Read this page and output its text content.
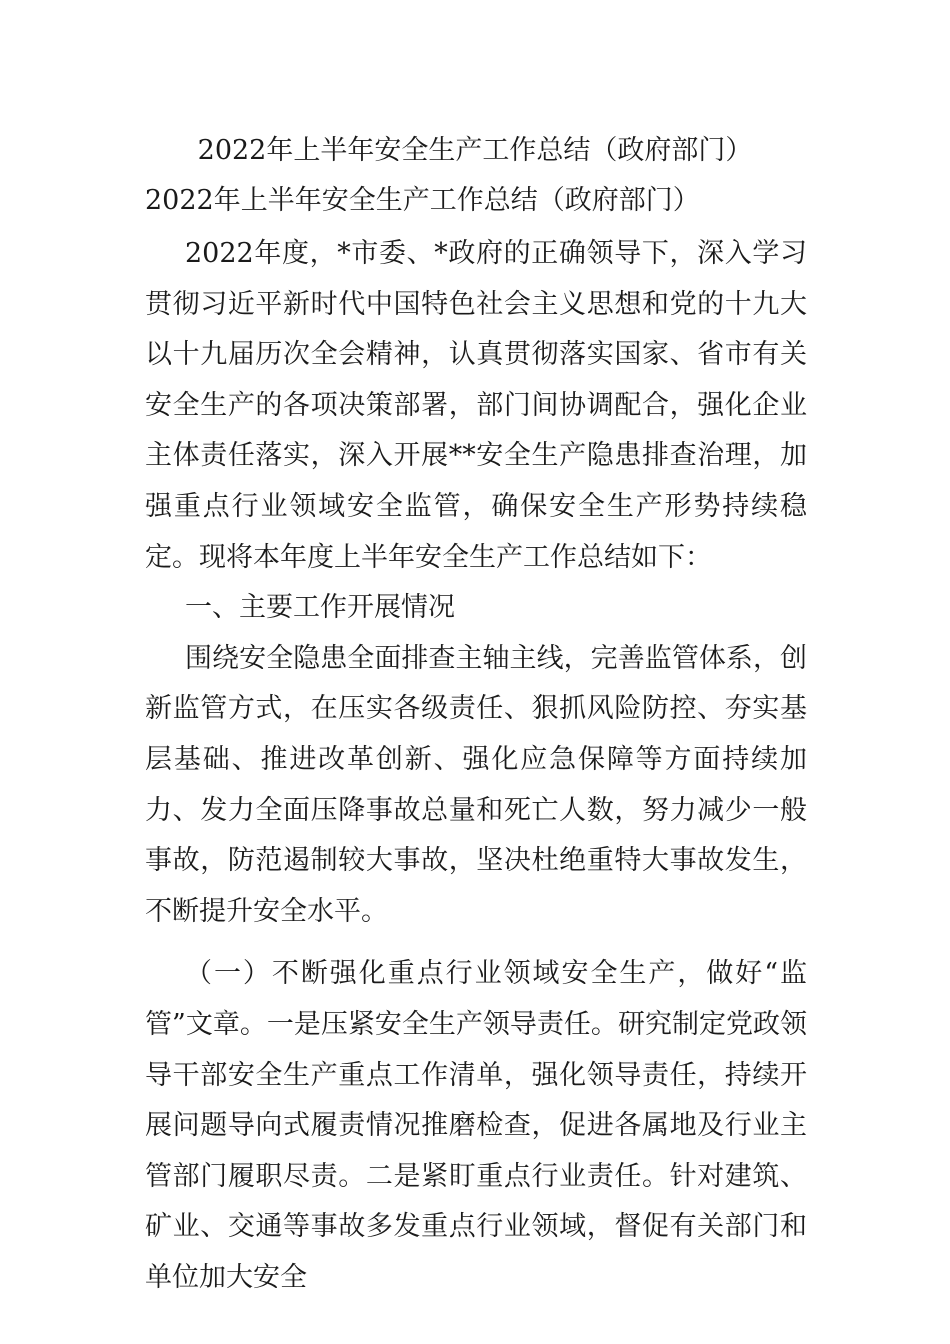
2022年上半年安全生产工作总结（政府部门）
2022年上半年安全生产工作总结（政府部门）

2022年度，*市委、*政府的正确领导下，深入学习贯彻习近平新时代中国特色社会主义思想和党的十九大以十九届历次全会精神，认真贯彻落实国家、省市有关安全生产的各项决策部署，部门间协调配合，强化企业主体责任落实，深入开展**安全生产隐患排查治理，加强重点行业领域安全监管，确保安全生产形势持续稳定。现将本年度上半年安全生产工作总结如下：

一、主要工作开展情况

围绕安全隐患全面排查主轴主线，完善监管体系，创新监管方式，在压实各级责任、狠抓风险防控、夯实基层基础、推进改革创新、强化应急保障等方面持续加力、发力全面压降事故总量和死亡人数，努力减少一般事故，防范遏制较大事故，坚决杜绝重特大事故发生，不断提升安全水平。

（一）不断强化重点行业领域安全生产，做好“监管”文章。一是压紧安全生产领导责任。研究制定党政领导干部安全生产重点工作清单，强化领导责任，持续开展问题导向式履责情况推磨检查，促进各属地及行业主管部门履职尽责。二是紧盯重点行业责任。针对建筑、矿业、交通等事故多发重点行业领域，督促有关部门和单位加大安全
